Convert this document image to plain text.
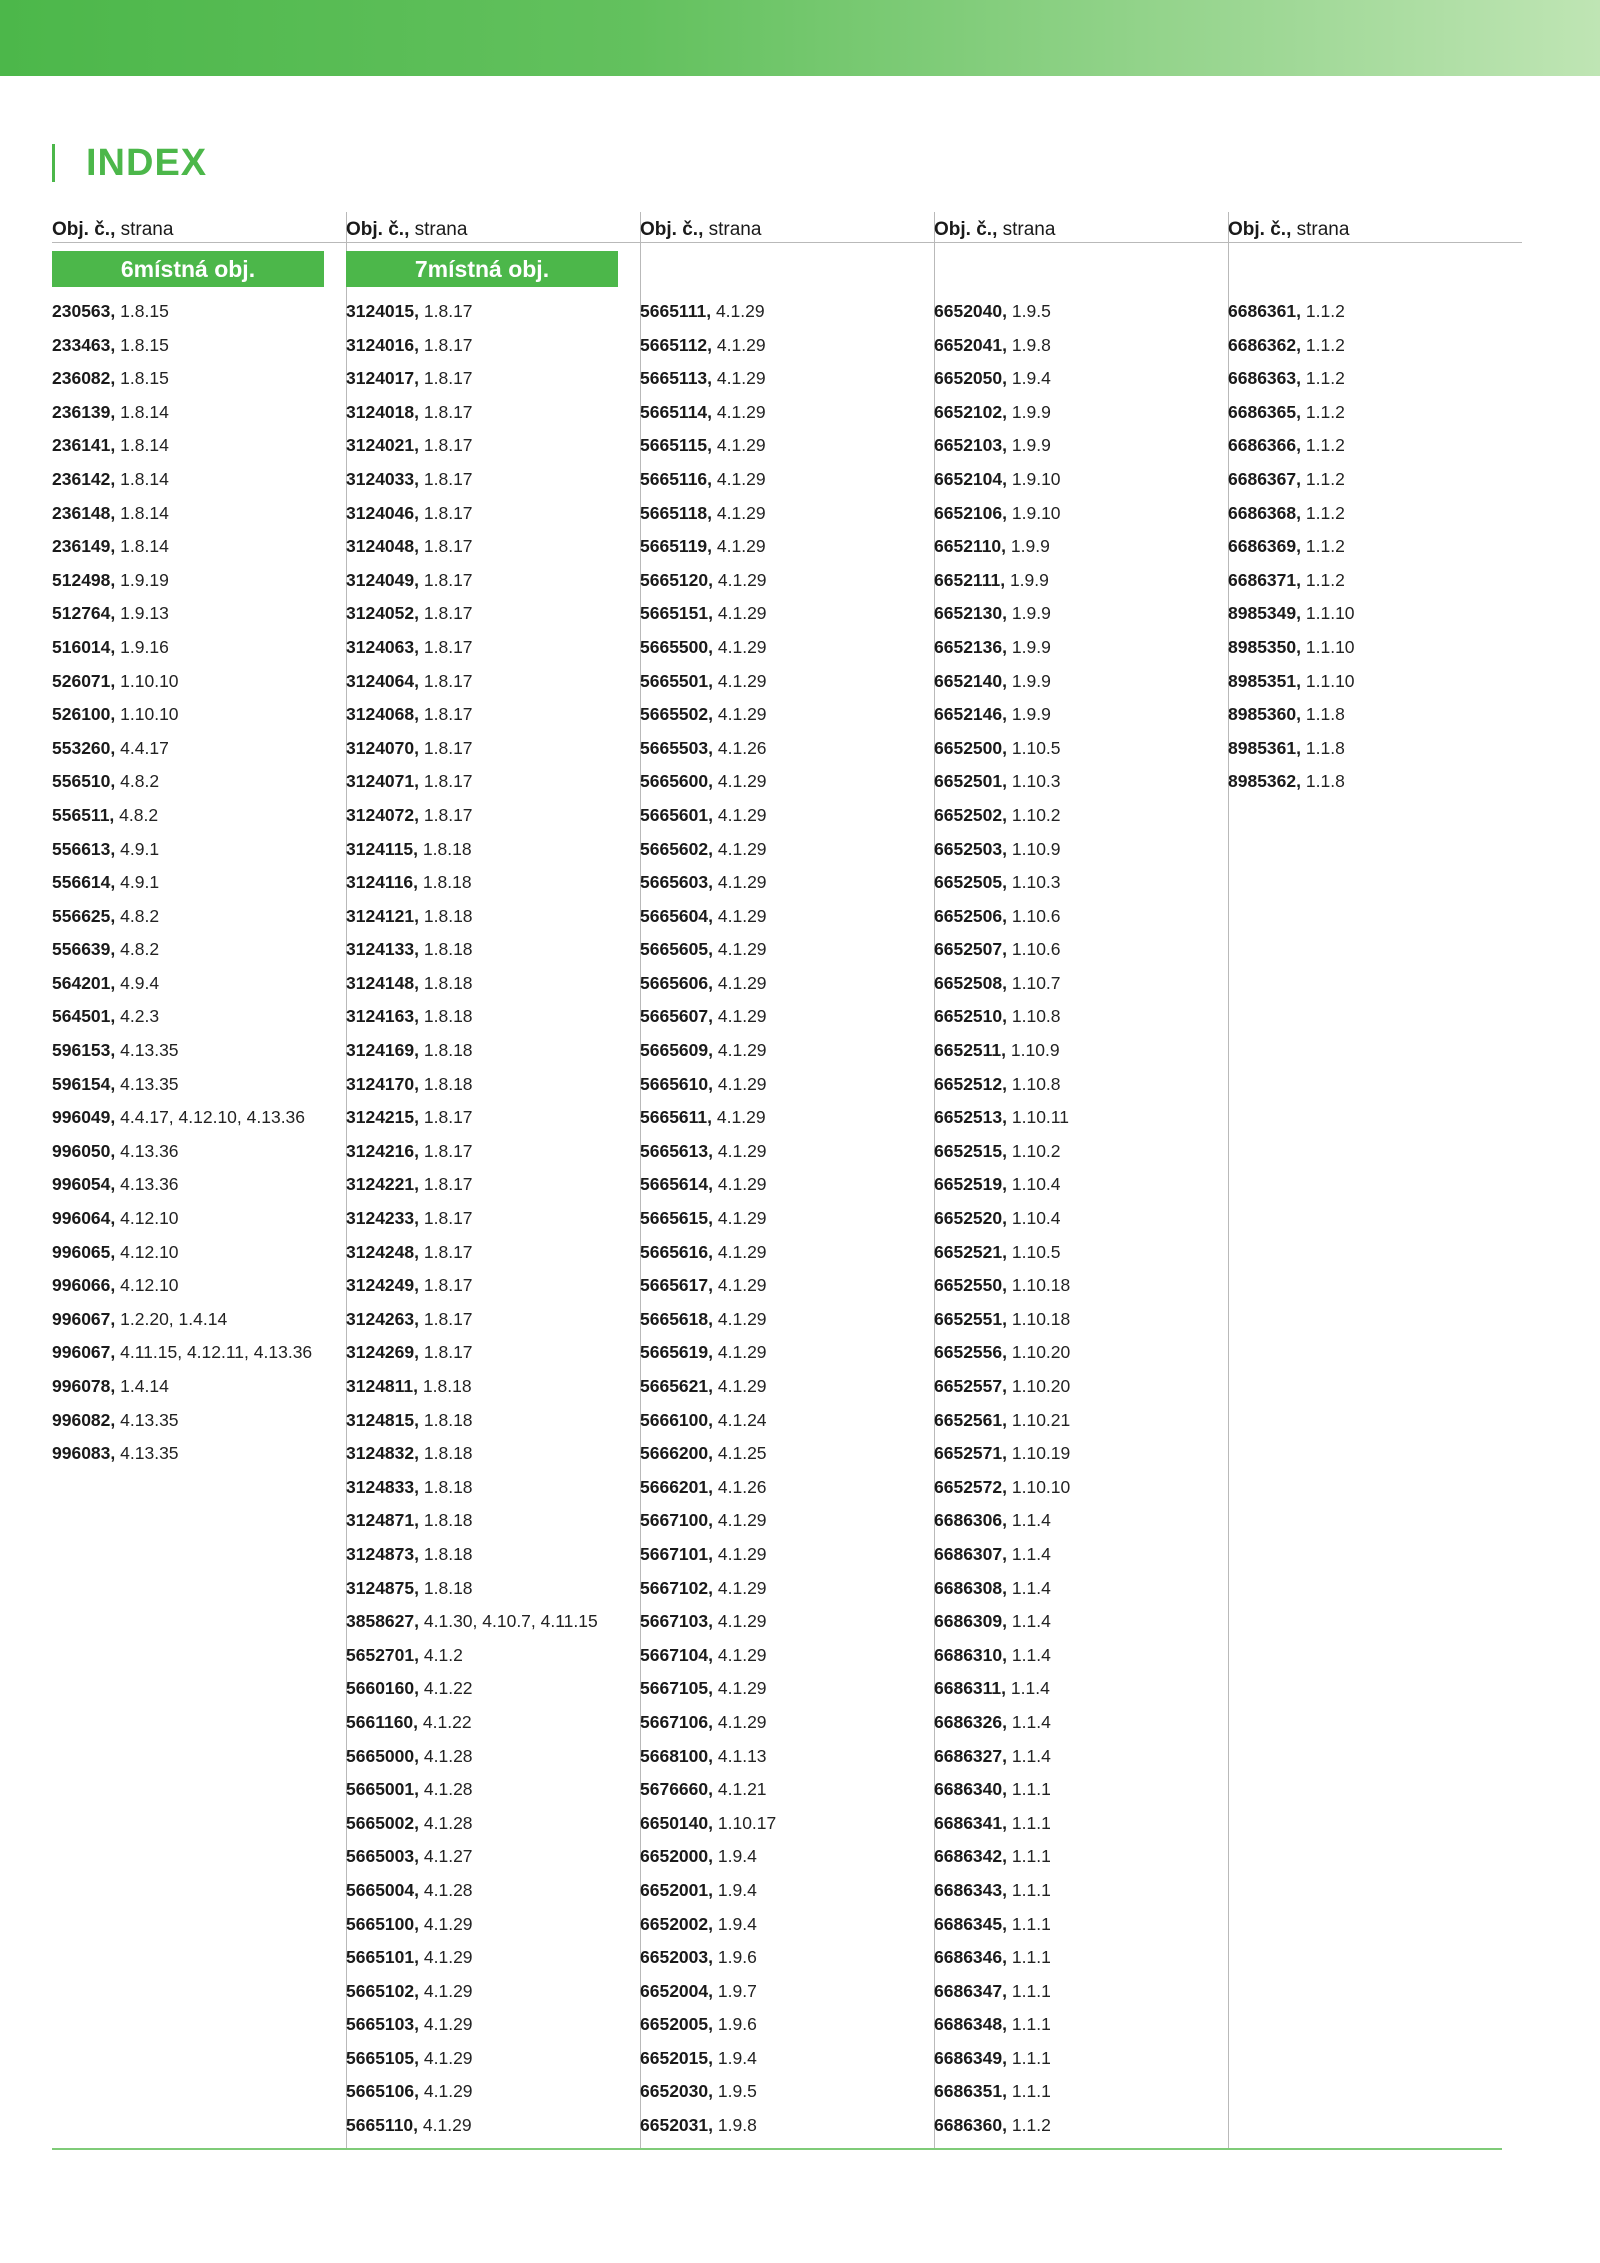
INDEX
Obj. č., strana
6místná obj.
230563, 1.8.15
233463, 1.8.15
236082, 1.8.15
236139, 1.8.14
236141, 1.8.14
236142, 1.8.14
236148, 1.8.14
236149, 1.8.14
512498, 1.9.19
512764, 1.9.13
516014, 1.9.16
526071, 1.10.10
526100, 1.10.10
553260, 4.4.17
556510, 4.8.2
556511, 4.8.2
556613, 4.9.1
556614, 4.9.1
556625, 4.8.2
556639, 4.8.2
564201, 4.9.4
564501, 4.2.3
596153, 4.13.35
596154, 4.13.35
996049, 4.4.17, 4.12.10, 4.13.36
996050, 4.13.36
996054, 4.13.36
996064, 4.12.10
996065, 4.12.10
996066, 4.12.10
996067, 1.2.20, 1.4.14
996067, 4.11.15, 4.12.11, 4.13.36
996078, 1.4.14
996082, 4.13.35
996083, 4.13.35
Obj. č., strana
7místná obj.
3124015, 1.8.17
3124016, 1.8.17
3124017, 1.8.17
3124018, 1.8.17
3124021, 1.8.17
3124033, 1.8.17
3124046, 1.8.17
3124048, 1.8.17
3124049, 1.8.17
3124052, 1.8.17
3124063, 1.8.17
3124064, 1.8.17
3124068, 1.8.17
3124070, 1.8.17
3124071, 1.8.17
3124072, 1.8.17
3124115, 1.8.18
3124116, 1.8.18
3124121, 1.8.18
3124133, 1.8.18
3124148, 1.8.18
3124163, 1.8.18
3124169, 1.8.18
3124170, 1.8.18
3124215, 1.8.17
3124216, 1.8.17
3124221, 1.8.17
3124233, 1.8.17
3124248, 1.8.17
3124249, 1.8.17
3124263, 1.8.17
3124269, 1.8.17
3124811, 1.8.18
3124815, 1.8.18
3124832, 1.8.18
3124833, 1.8.18
3124871, 1.8.18
3124873, 1.8.18
3124875, 1.8.18
3858627, 4.1.30, 4.10.7, 4.11.15
5652701, 4.1.2
5660160, 4.1.22
5661160, 4.1.22
5665000, 4.1.28
5665001, 4.1.28
5665002, 4.1.28
5665003, 4.1.27
5665004, 4.1.28
5665100, 4.1.29
5665101, 4.1.29
5665102, 4.1.29
5665103, 4.1.29
5665105, 4.1.29
5665106, 4.1.29
5665110, 4.1.29
Obj. č., strana
5665111, 4.1.29
5665112, 4.1.29
5665113, 4.1.29
5665114, 4.1.29
5665115, 4.1.29
5665116, 4.1.29
5665118, 4.1.29
5665119, 4.1.29
5665120, 4.1.29
5665151, 4.1.29
5665500, 4.1.29
5665501, 4.1.29
5665502, 4.1.29
5665503, 4.1.26
5665600, 4.1.29
5665601, 4.1.29
5665602, 4.1.29
5665603, 4.1.29
5665604, 4.1.29
5665605, 4.1.29
5665606, 4.1.29
5665607, 4.1.29
5665609, 4.1.29
5665610, 4.1.29
5665611, 4.1.29
5665613, 4.1.29
5665614, 4.1.29
5665615, 4.1.29
5665616, 4.1.29
5665617, 4.1.29
5665618, 4.1.29
5665619, 4.1.29
5665621, 4.1.29
5666100, 4.1.24
5666200, 4.1.25
5666201, 4.1.26
5667100, 4.1.29
5667101, 4.1.29
5667102, 4.1.29
5667103, 4.1.29
5667104, 4.1.29
5667105, 4.1.29
5667106, 4.1.29
5668100, 4.1.13
5676660, 4.1.21
6650140, 1.10.17
6652000, 1.9.4
6652001, 1.9.4
6652002, 1.9.4
6652003, 1.9.6
6652004, 1.9.7
6652005, 1.9.6
6652015, 1.9.4
6652030, 1.9.5
6652031, 1.9.8
Obj. č., strana
6652040, 1.9.5
6652041, 1.9.8
6652050, 1.9.4
6652102, 1.9.9
6652103, 1.9.9
6652104, 1.9.10
6652106, 1.9.10
6652110, 1.9.9
6652111, 1.9.9
6652130, 1.9.9
6652136, 1.9.9
6652140, 1.9.9
6652146, 1.9.9
6652500, 1.10.5
6652501, 1.10.3
6652502, 1.10.2
6652503, 1.10.9
6652505, 1.10.3
6652506, 1.10.6
6652507, 1.10.6
6652508, 1.10.7
6652510, 1.10.8
6652511, 1.10.9
6652512, 1.10.8
6652513, 1.10.11
6652515, 1.10.2
6652519, 1.10.4
6652520, 1.10.4
6652521, 1.10.5
6652550, 1.10.18
6652551, 1.10.18
6652556, 1.10.20
6652557, 1.10.20
6652561, 1.10.21
6652571, 1.10.19
6652572, 1.10.10
6686306, 1.1.4
6686307, 1.1.4
6686308, 1.1.4
6686309, 1.1.4
6686310, 1.1.4
6686311, 1.1.4
6686326, 1.1.4
6686327, 1.1.4
6686340, 1.1.1
6686341, 1.1.1
6686342, 1.1.1
6686343, 1.1.1
6686345, 1.1.1
6686346, 1.1.1
6686347, 1.1.1
6686348, 1.1.1
6686349, 1.1.1
6686351, 1.1.1
6686360, 1.1.2
Obj. č., strana
6686361, 1.1.2
6686362, 1.1.2
6686363, 1.1.2
6686365, 1.1.2
6686366, 1.1.2
6686367, 1.1.2
6686368, 1.1.2
6686369, 1.1.2
6686371, 1.1.2
8985349, 1.1.10
8985350, 1.1.10
8985351, 1.1.10
8985360, 1.1.8
8985361, 1.1.8
8985362, 1.1.8
